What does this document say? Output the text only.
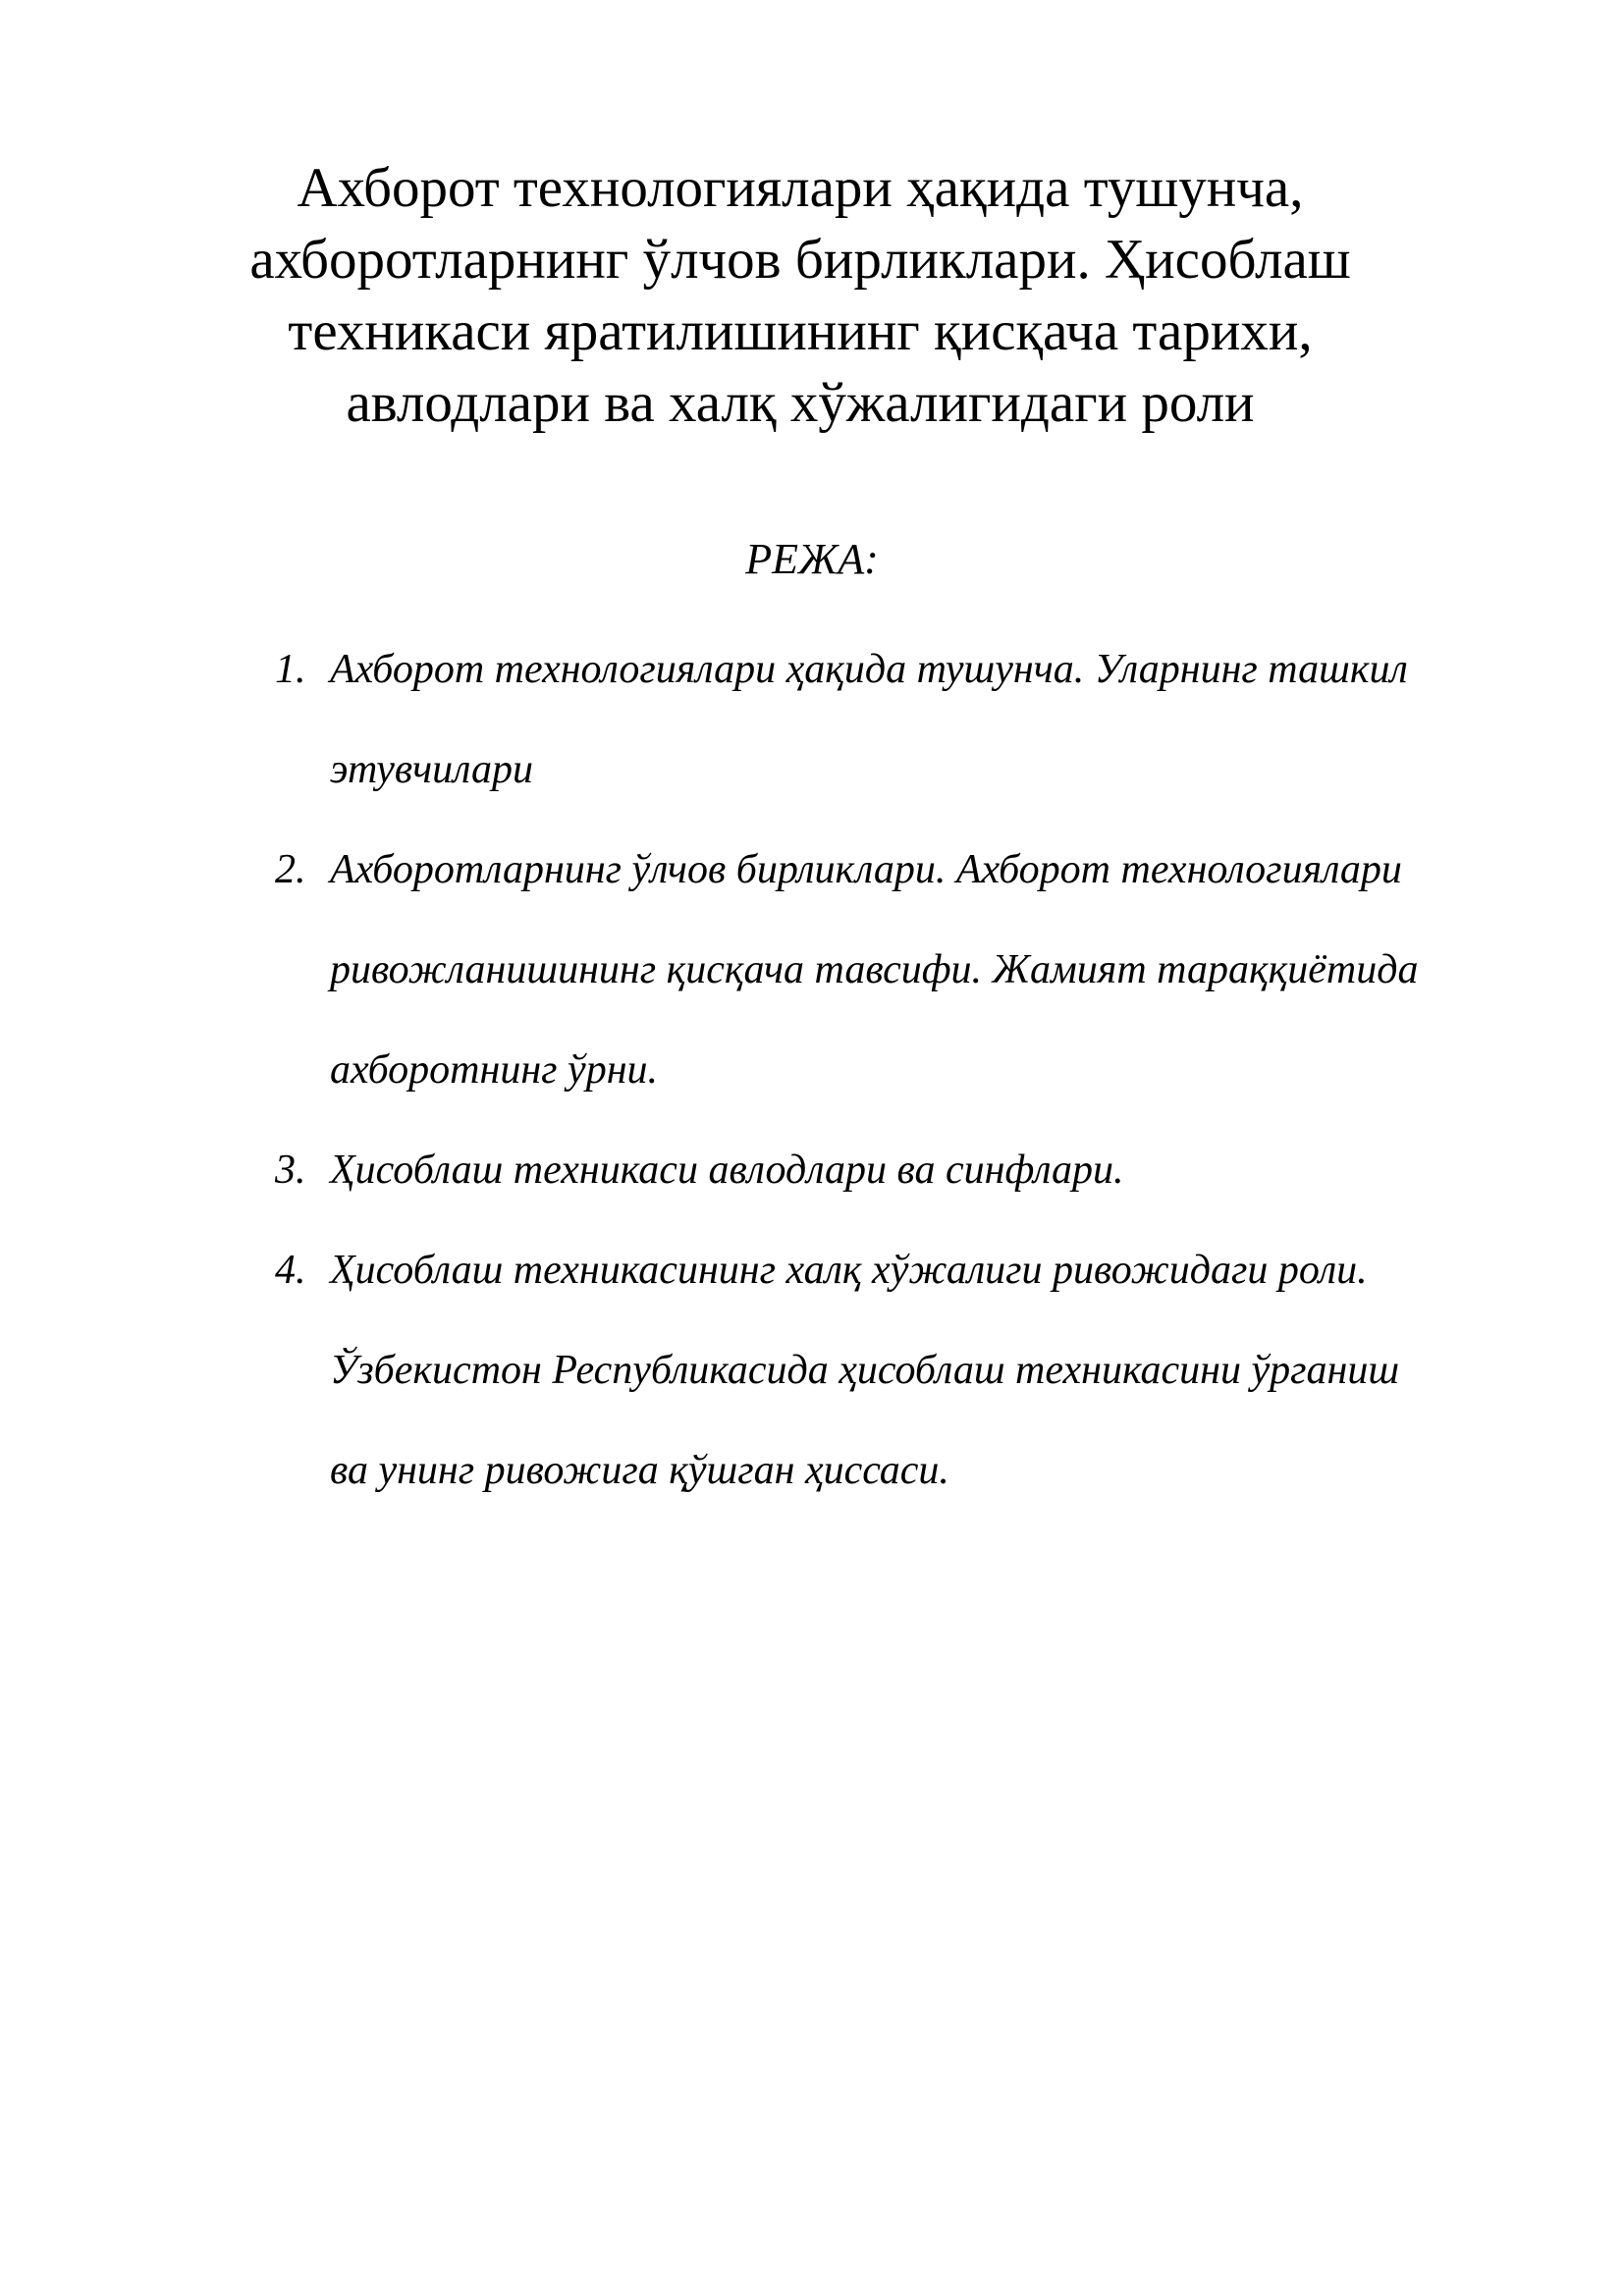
Ахборот технологиялари ҳақида тушунча,
ахборотларнинг ўлчов бирликлари. Ҳисоблаш
техникаси яратилишининг қисқача тарихи,
авлодлари ва халқ хўжалигидаги роли
РЕЖА:
1. Ахборот технологиялари ҳақида тушунча. Уларнинг ташкил
этувчилари
2. Ахборотларнинг ўлчов бирликлари. Ахборот технологиялари
ривожланишининг қисқача тавсифи. Жамият тараққиётида
ахборотнинг ўрни.
3. Ҳисоблаш техникаси авлодлари ва синфлари.
4. Ҳисоблаш техникасининг халқ хўжалиги ривожидаги роли.
Ўзбекистон Республикасида ҳисоблаш техникасини ўрганиш
ва унинг ривожига қўшган ҳиссаси.
